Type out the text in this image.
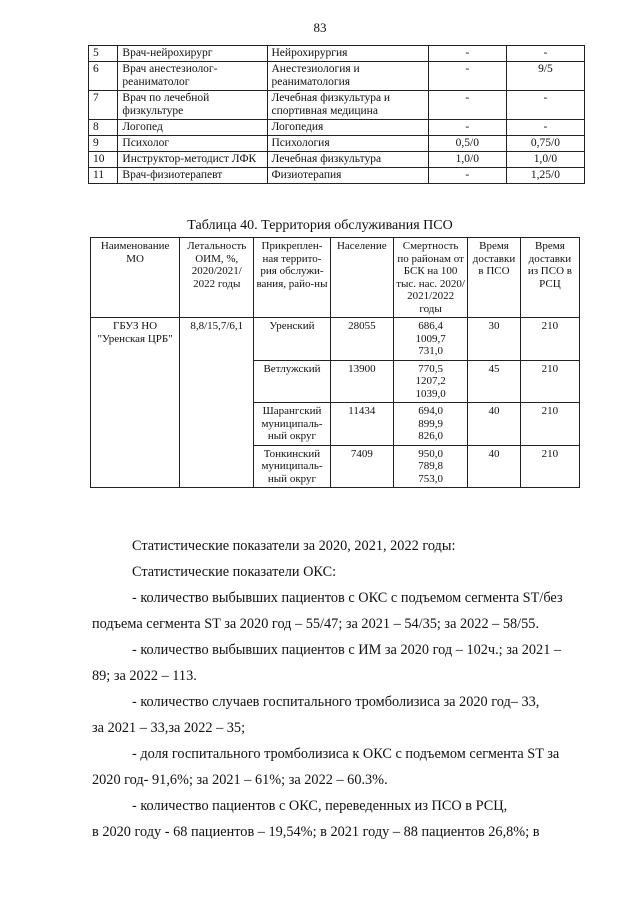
83
5	Врач-нейрохирург	Нейрохирургия	-	-
6	Врач анестезиолог-реаниматолог	Анестезиология и реаниматология	-	9/5
7	Врач по лечебной физкультуре	Лечебная физкультура и спортивная медицина	-	-
8	Логопед	Логопедия	-	-
9	Психолог	Психология	0,5/0	0,75/0
10	Инструктор-методист ЛФК	Лечебная физкультура	1,0/0	1,0/0
11	Врач-физиотерапевт	Физиотерапия	-	1,25/0
Таблица 40. Территория обслуживания ПСО
Наименование МО	Летальность ОИМ, %, 2020/2021/ 2022 годы	Прикреплен-ная террито-рия обслужи-вания, райо-ны	Население	Смертность по районам от БСК на 100 тыс. нас. 2020/ 2021/2022 годы	Время доставки в ПСО	Время доставки из ПСО в РСЦ
ГБУЗ НО "Уренская ЦРБ"	8,8/15,7/6,1	Уренский	28055	686,4
1009,7
731,0	30	210
		Ветлужский	13900	770,5
1207,2
1039,0	45	210
		Шарангский муниципаль-ный округ	11434	694,0
899,9
826,0	40	210
		Тонкинский муниципаль-ный округ	7409	950,0
789,8
753,0	40	210

Статистические показатели за 2020, 2021, 2022 годы:

Статистические показатели ОКС:

- количество выбывших пациентов с ОКС с подъемом сегмента ST/без

подъема сегмента ST за 2020 год – 55/47; за 2021 – 54/35; за 2022 – 58/55.

- количество выбывших пациентов с ИМ за 2020 год – 102ч.; за 2021 –

89; за 2022 – 113.

- количество случаев госпитального тромболизиса за 2020 год– 33,

за 2021 – 33,за 2022 – 35;

- доля госпитального тромболизиса к ОКС с подъемом сегмента ST за

2020 год- 91,6%; за 2021 – 61%; за 2022 – 60.3%.

- количество пациентов с ОКС, переведенных из ПСО в РСЦ,

в 2020 году - 68 пациентов – 19,54%; в 2021 году – 88 пациентов 26,8%; в
